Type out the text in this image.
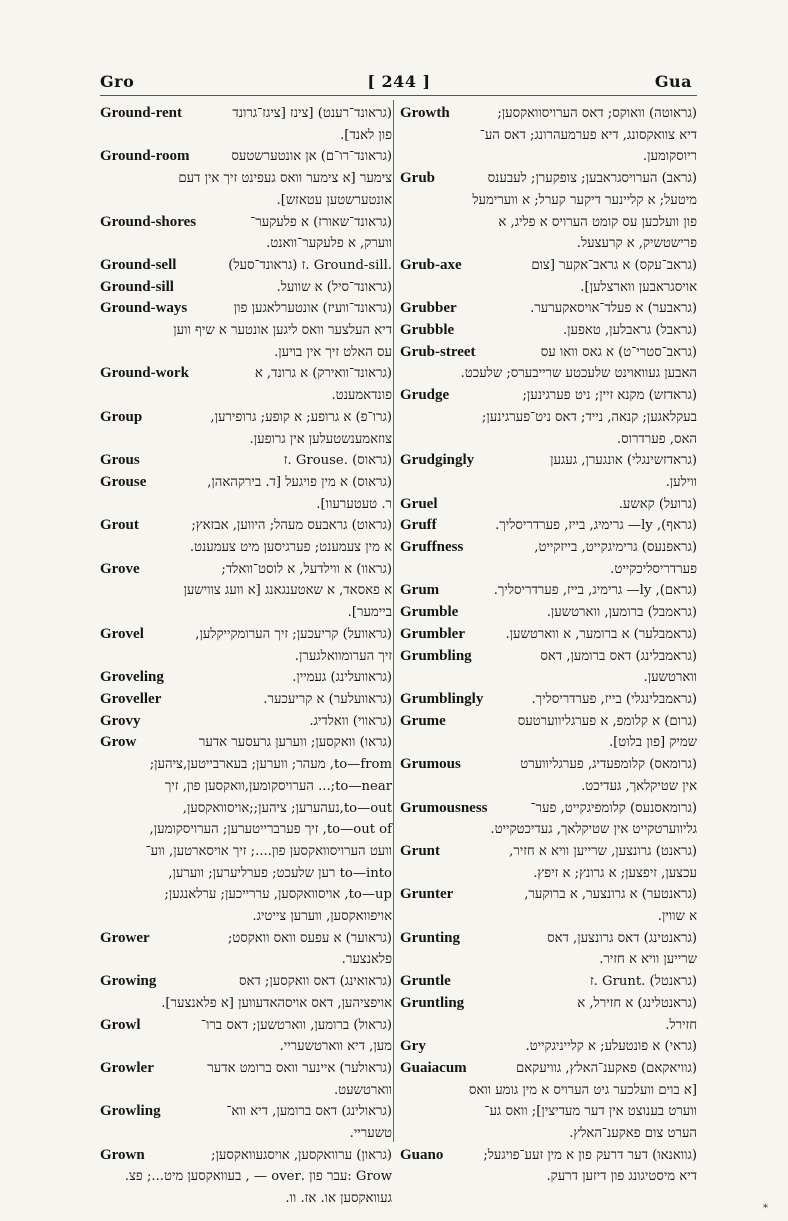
Gro	[ 244 ]	Gua
Ground-rent	(גראונד־רענט) [צינז [ציגז־גרונד
פון לאנד].
Ground-room	(גראונד־רו־ם) אן אונטערשטעס
צימער [א צימער וואס געפינט זיך אין דעם
אונטערשטען עטאזש].
Ground-shores	(גראונד־שאורז) א פלעקער־
ווערק, א פלעקער־וואנט.
Ground-sell	.Ground-sill .ז (גראונד־סעל)
Ground-sill	(גראונד־סיל) א שוועל.
Ground-ways	(גראונד־וועיז) אונטערלאגען פון
דיא העלצער וואס ליגען אונטער א שיף ווען
עס האלט זיך אין בויען.
Ground-work	(גראונד־וואירק) א גרונד, א
פונדאמענט.
Group	(גרו־פ) א גרופע; א קופע; גרופירען,
צוזאמענשטעלען אין גרופען.
Grous	(גראוס) .Grouse .ז
Grouse	(גראוס) א מין פויגעל [ד. בירקהאהן,
ר. טעטערעוו].
Grout	(גראוט) גראבעס מעהל; היווען, אבזאץ;
א מין צעמענט; פערגיסען מיט צעמענט.
Grove	(גראוו) א ווילדעל, א לוסט־וואלד;
א פאסאד, א שאטענגאנג [א וועג צווישען
ביימער].
Grovel	(גראוועל) קריעכען; זיך הערומקייקלען,
זיך הערומוואלגערן.
Groveling	(גראוועלינג) געמיין.
Groveller	(גראוועלער) א קריעכער.
Grovy	(גראווי) וואלדיג.
Grow	(גראו) וואקסען; ווערען גרעסער אדער
to—from, מעהר; ווערען; בעארבייטען,ציהען;
to—near;... הערויסקומען,וואקסען פון, זיך
to—out,נעהערען; ציהען;;אויסוואקסען,
to—out of, זיך פערברייטערען; הערויסקומען,
וועט הערויסוואקסען פון....; זיך אויסארטען, ווע־
to—into רען שלעכט; פערליערען; ווערען,
to—up, אויסוואקסען, עררייכען; ערלאנגען;
אויפוואקסען, ווערען צייטיג.
Grower	(גראוער) א עפעס וואס וואקסט;
פלאנצער.
Growing	(גראואינג) דאס וואקסען; דאס
אויפציהען, דאס אויסהאדעווען [א פלאנצער].
Growl	(גראול) ברומען, ווארטשען; דאס ברו־
מען, דיא ווארטשעריי.
Growler	(גראולער) איינער וואס ברומט אדער
ווארטשעט.
Growling	(גראולינג) דאס ברומען, דיא ווא־
טשעריי.
Grown	(גראון) ערוואקסען, אויסגעוואקסען;
Grow :עבר פון .over — , בעוואקסען מיט...; פצ.
געוואקסען או. אז. וו.
Growth	(גראוטה) וואוקס; דאס הערויסוואקסען;
דיא צוואקסונג, דיא פערמעהרונג; דאס הע־
ריוסקומען.
Grub	(גראב) הערויסגראבען; צופקערן; לעבענס
מיטעל; א קליינער דיקער קערל; א ווערימעל
פון וועלכען עס קומט הערויס א פליג, א
פרישטשיק, א קרעצעל.
Grub-axe	(גראב־עקס) א גראב־אקער [צום
אויסגראבען ווארצלען].
Grubber	(גראבער) א פעלד־אויסאקערער.
Grubble	(גראבל) גראבלען, טאפען.
Grub-street	(גראב־סטרי־ט) א גאס וואו עס
האבען געוואוינט שלעכטע שרייבערס; שלעכט.
Grudge	(גראדזש) מקנא זיין; ניט פערגינען;
בעקלאגען; קנאה, נייד; דאס ניט־פערגינען;
האס, פערדרוס.
Grudgingly	(גראדזשינגלי) אונגערן, געגען
ווילען.
Gruel	(גרועל) קאשע.
Gruff	(גראף), ly— גרימיג, בייז, פערדריסליך.
Gruffness	(גראפנעס) גרימיגקייט, בייזקייט,
פערדריסליכקייט.
Grum	(גראם), ly— גרימיג, בייז, פערדריסליך.
Grumble	(גראמבל) ברומען, ווארטשען.
Grumbler	(גראמבלער) א ברומער, א ווארטשען.
Grumbling	(גראמבלינג) דאס ברומען, דאס
ווארטשען.
Grumblingly	(גראמבלינגלי) בייז, פערדריסליך.
Grume	(גרום) א קלומפ, א פערגליווערטעס
שמיק [פון בלוט].
Grumous	(גרומאס) קלומפעדיג, פערגליווערט
אין שטיקלאך, געדיכט.
Grumousness	(גרומאסנעס) קלומפיגקייט, פער־
גליווערטקייט אין שטיקלאך, געדיכטקייט.
Grunt	(גראנט) גרונצען, שרייען וויא א חזיר,
עכצען, זיפצען; א גרונץ; א זיפץ.
Grunter	(גראנטער) א גרונצער, א ברוקער,
א שווין.
Grunting	(גראנטינג) דאס גרונצען, דאס
שרייען וויא א חזיר.
Gruntle	(גראנטל) .Grunt .ז
Gruntling	(גראנטלינג) א חזירל, א
חזירל.
Gry	(גראי) א פונטעלע; א קלייניגקייט.
Guaiacum	(גוויאקאם) פאקענ־האלץ, גוויעקאם
[א בוים וועלכער גיט הערויס א מין גומע וואס
ווערט בענוצט אין דער מעדיצין]; וואס גע־
הערט צום פאקענ־האלץ.
Guano	(גוואנאו) דער דרעק פון א מין זעע־פויגעל;
דיא מיסטיגונג פון דיזען דרעק.
*
